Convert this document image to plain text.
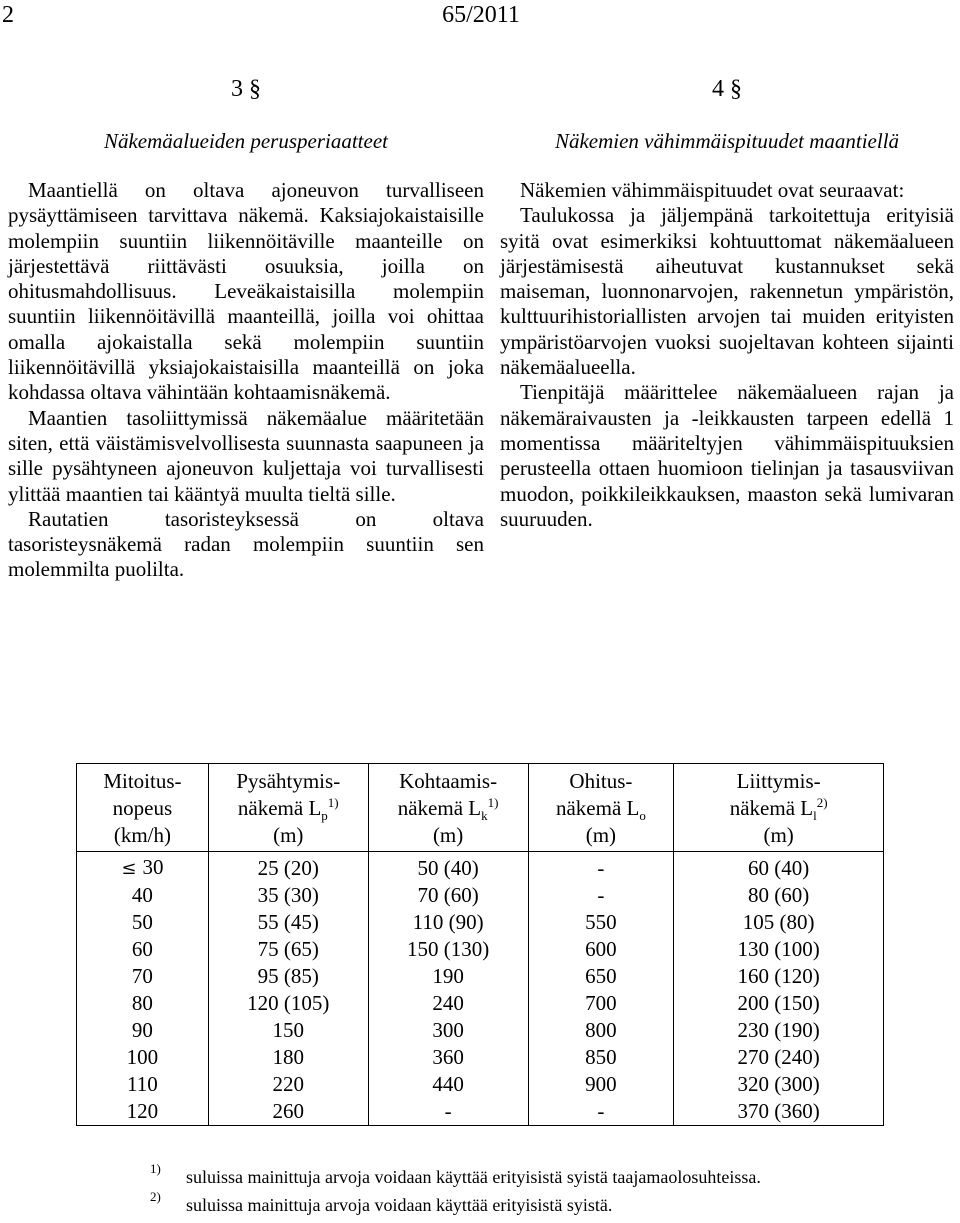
2	65/2011
3 §
Näkemäalueiden perusperiaatteet

Maantiellä on oltava ajoneuvon turvalliseen pysäyttämiseen tarvittava näkemä. Kaksiajokaistaisille molempiin suuntiin liikennöitäville maanteille on järjestettävä riittävästi osuuksia, joilla on ohitusmahdollisuus. Leveäkaistaisilla molempiin suuntiin liikennöitävillä maanteillä, joilla voi ohittaa omalla ajokaistalla sekä molempiin suuntiin liikennöitävillä yksiajokaistaisilla maanteillä on joka kohdassa oltava vähintään kohtaamisnäkemä.

Maantien tasoliittymissä näkemäalue määritetään siten, että väistämisvelvollisesta suunnasta saapuneen ja sille pysähtyneen ajoneuvon kuljettaja voi turvallisesti ylittää maantien tai kääntyä muulta tieltä sille.

Rautatien tasoristeyksessä on oltava tasoristeysnäkemä radan molempiin suuntiin sen molemmilta puolilta.

4 §
Näkemien vähimmäispituudet maantiellä

Näkemien vähimmäispituudet ovat seuraavat:

Taulukossa ja jäljempänä tarkoitettuja erityisiä syitä ovat esimerkiksi kohtuuttomat näkemäalueen järjestämisestä aiheutuvat kustannukset sekä maiseman, luonnonarvojen, rakennetun ympäristön, kulttuurihistoriallisten arvojen tai muiden erityisten ympäristöarvojen vuoksi suojeltavan kohteen sijainti näkemäalueella.

Tienpitäjä määrittelee näkemäalueen rajan ja näkemäraivausten ja -leikkausten tarpeen edellä 1 momentissa määriteltyjen vähimmäispituuksien perusteella ottaen huomioon tielinjan ja tasausviivan muodon, poikkileikkauksen, maaston sekä lumivaran suuruuden.

Mitoitus-	Pysähtymis-	Kohtaamis-	Ohitus-	Liittymis-
nopeus	näkemä $L_p^{1)}$	näkemä $L_k^{1)}$	näkemä $L_o$	näkemä $L_l^{2)}$
(km/h)	(m)	(m)	(m)	(m)
≤ 30	25 (20)	50 (40)	-	60 (40)
40	35 (30)	70 (60)	-	80 (60)
50	55 (45)	110 (90)	550	105 (80)
60	75 (65)	150 (130)	600	130 (100)
70	95 (85)	190	650	160 (120)
80	120 (105)	240	700	200 (150)
90	150	300	800	230 (190)
100	180	360	850	270 (240)
110	220	440	900	320 (300)
120	260	-	-	370 (360)
1)	suluissa mainittuja arvoja voidaan käyttää erityisistä syistä taajamaolosuhteissa.
2)	suluissa mainittuja arvoja voidaan käyttää erityisistä syistä.
